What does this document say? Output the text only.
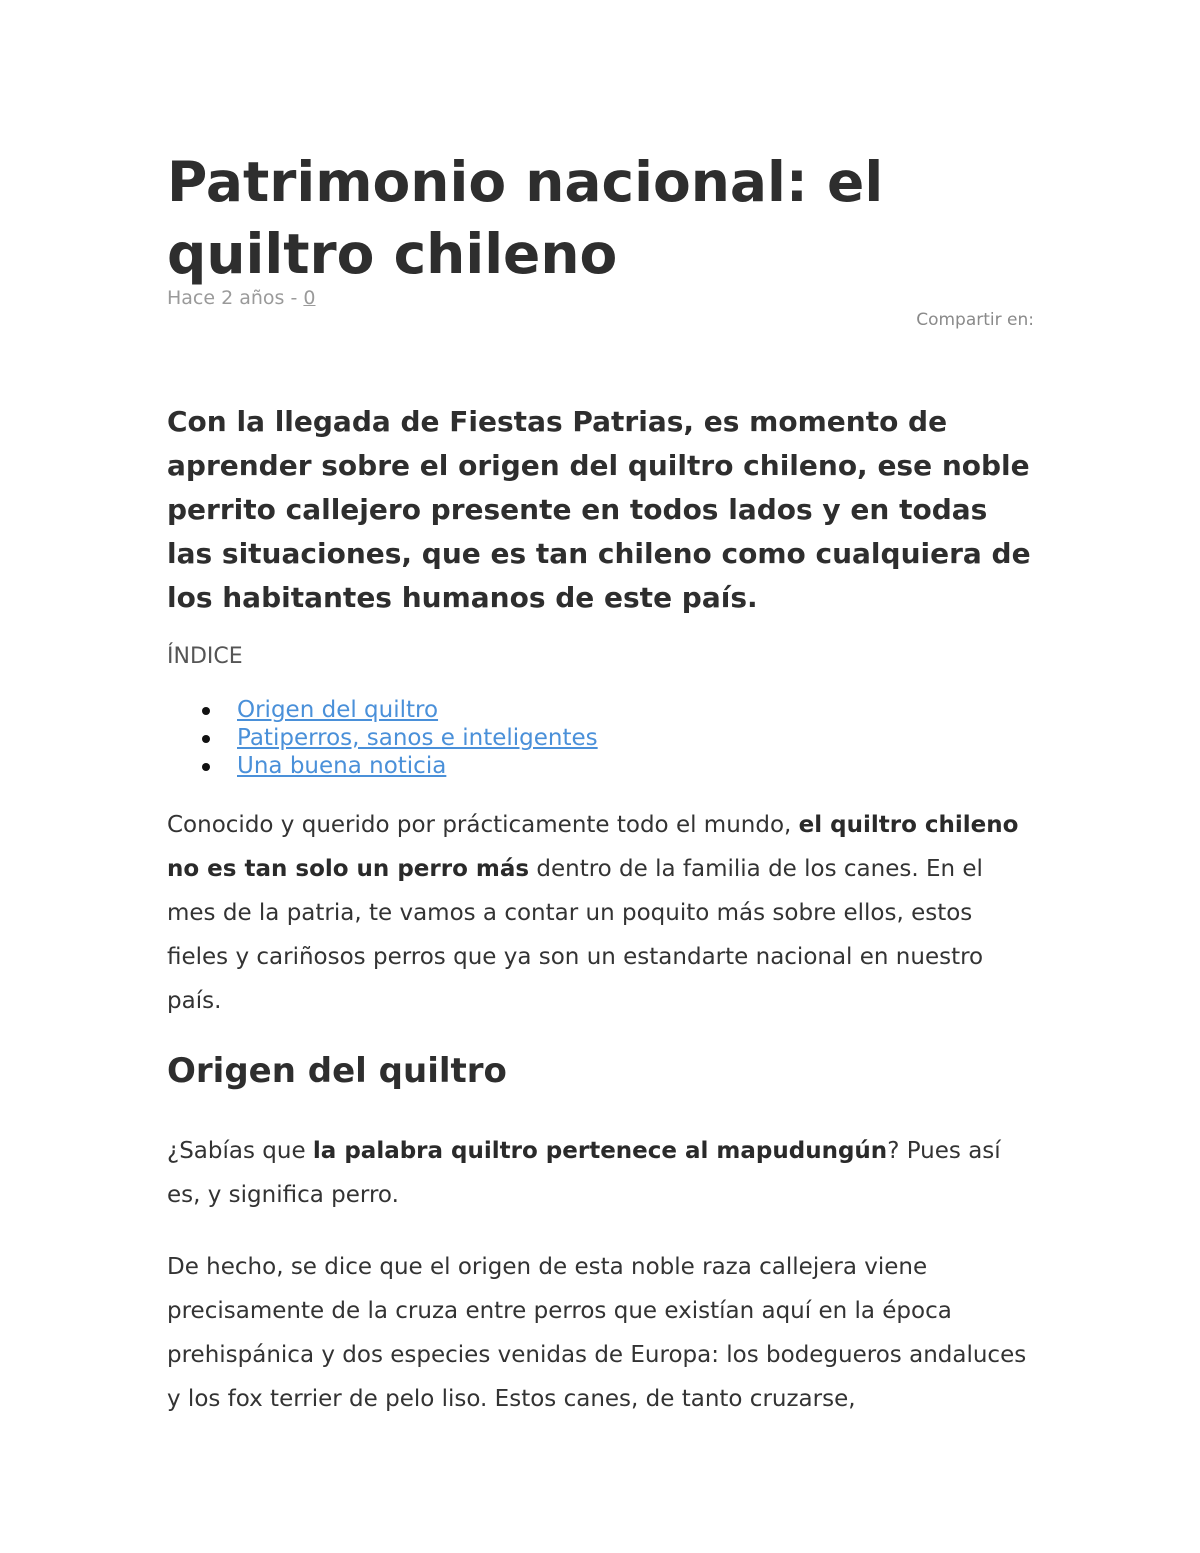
Patrimonio nacional: el quiltro chileno
Hace 2 años - 0
Compartir en:

Con la llegada de Fiestas Patrias, es momento de aprender sobre el origen del quiltro chileno, ese noble perrito callejero presente en todos lados y en todas las situaciones, que es tan chileno como cualquiera de los habitantes humanos de este país.

ÍNDICE
Origen del quiltro
Patiperros, sanos e inteligentes
Una buena noticia

Conocido y querido por prácticamente todo el mundo, el quiltro chileno no es tan solo un perro más dentro de la familia de los canes. En el mes de la patria, te vamos a contar un poquito más sobre ellos, estos fieles y cariñosos perros que ya son un estandarte nacional en nuestro país.

Origen del quiltro

¿Sabías que la palabra quiltro pertenece al mapudungún? Pues así es, y significa perro.

De hecho, se dice que el origen de esta noble raza callejera viene precisamente de la cruza entre perros que existían aquí en la época prehispánica y dos especies venidas de Europa: los bodegueros andaluces y los fox terrier de pelo liso. Estos canes, de tanto cruzarse,
